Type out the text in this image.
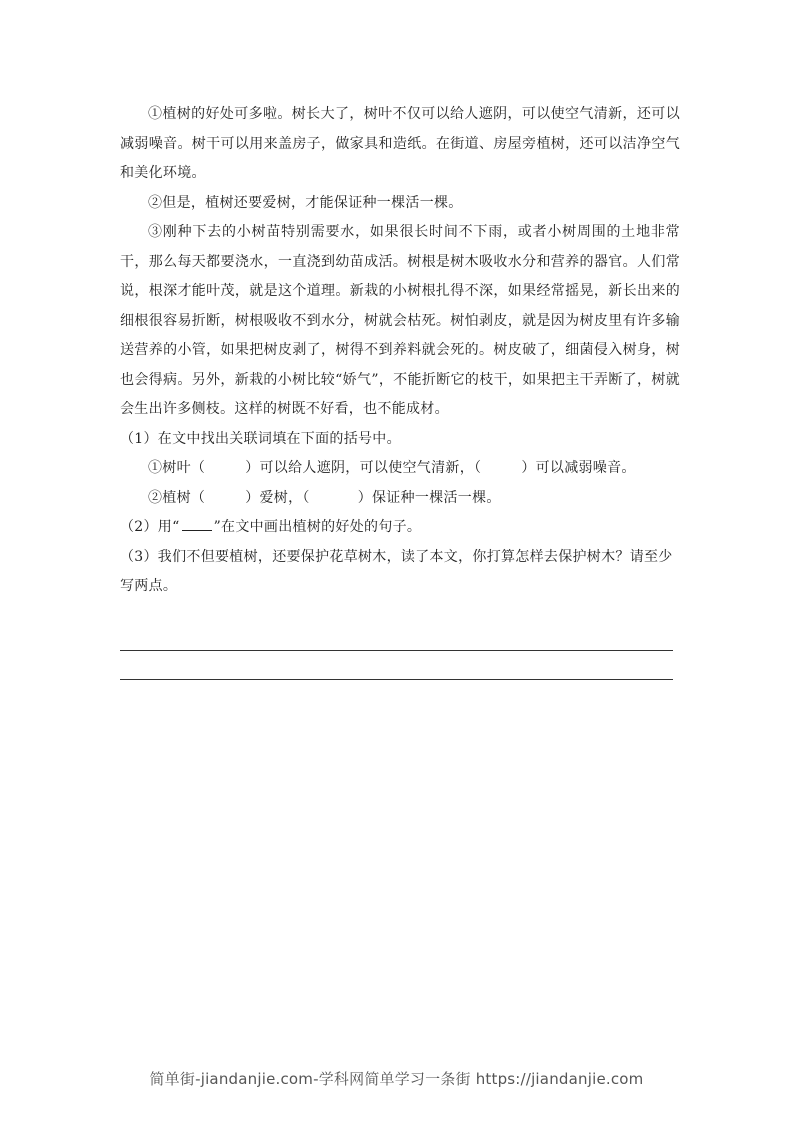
①植树的好处可多啦。树长大了，树叶不仅可以给人遮阴，可以使空气清新，还可以减弱噪音。树干可以用来盖房子，做家具和造纸。在街道、房屋旁植树，还可以洁净空气和美化环境。

②但是，植树还要爱树，才能保证种一棵活一棵。

③刚种下去的小树苗特别需要水，如果很长时间不下雨，或者小树周围的土地非常干，那么每天都要浇水，一直浇到幼苗成活。树根是树木吸收水分和营养的器官。人们常说，根深才能叶茂，就是这个道理。新栽的小树根扎得不深，如果经常摇晃，新长出来的细根很容易折断，树根吸收不到水分，树就会枯死。树怕剥皮，就是因为树皮里有许多输送营养的小管，如果把树皮剥了，树得不到养料就会死的。树皮破了，细菌侵入树身，树也会得病。另外，新栽的小树比较“娇气”，不能折断它的枝干，如果把主干弄断了，树就会生出许多侧枝。这样的树既不好看，也不能成材。

（1）在文中找出关联词填在下面的括号中。

①树叶（	）可以给人遮阴，可以使空气清新，（	）可以减弱噪音。

②植树（	）爱树，（	）保证种一棵活一棵。

（2）用“ ”在文中画出植树的好处的句子。

（3）我们不但要植树，还要保护花草树木，读了本文，你打算怎样去保护树木？请至少写两点。

简单街-jiandanjie.com-学科网简单学习一条街 https://jiandanjie.com
